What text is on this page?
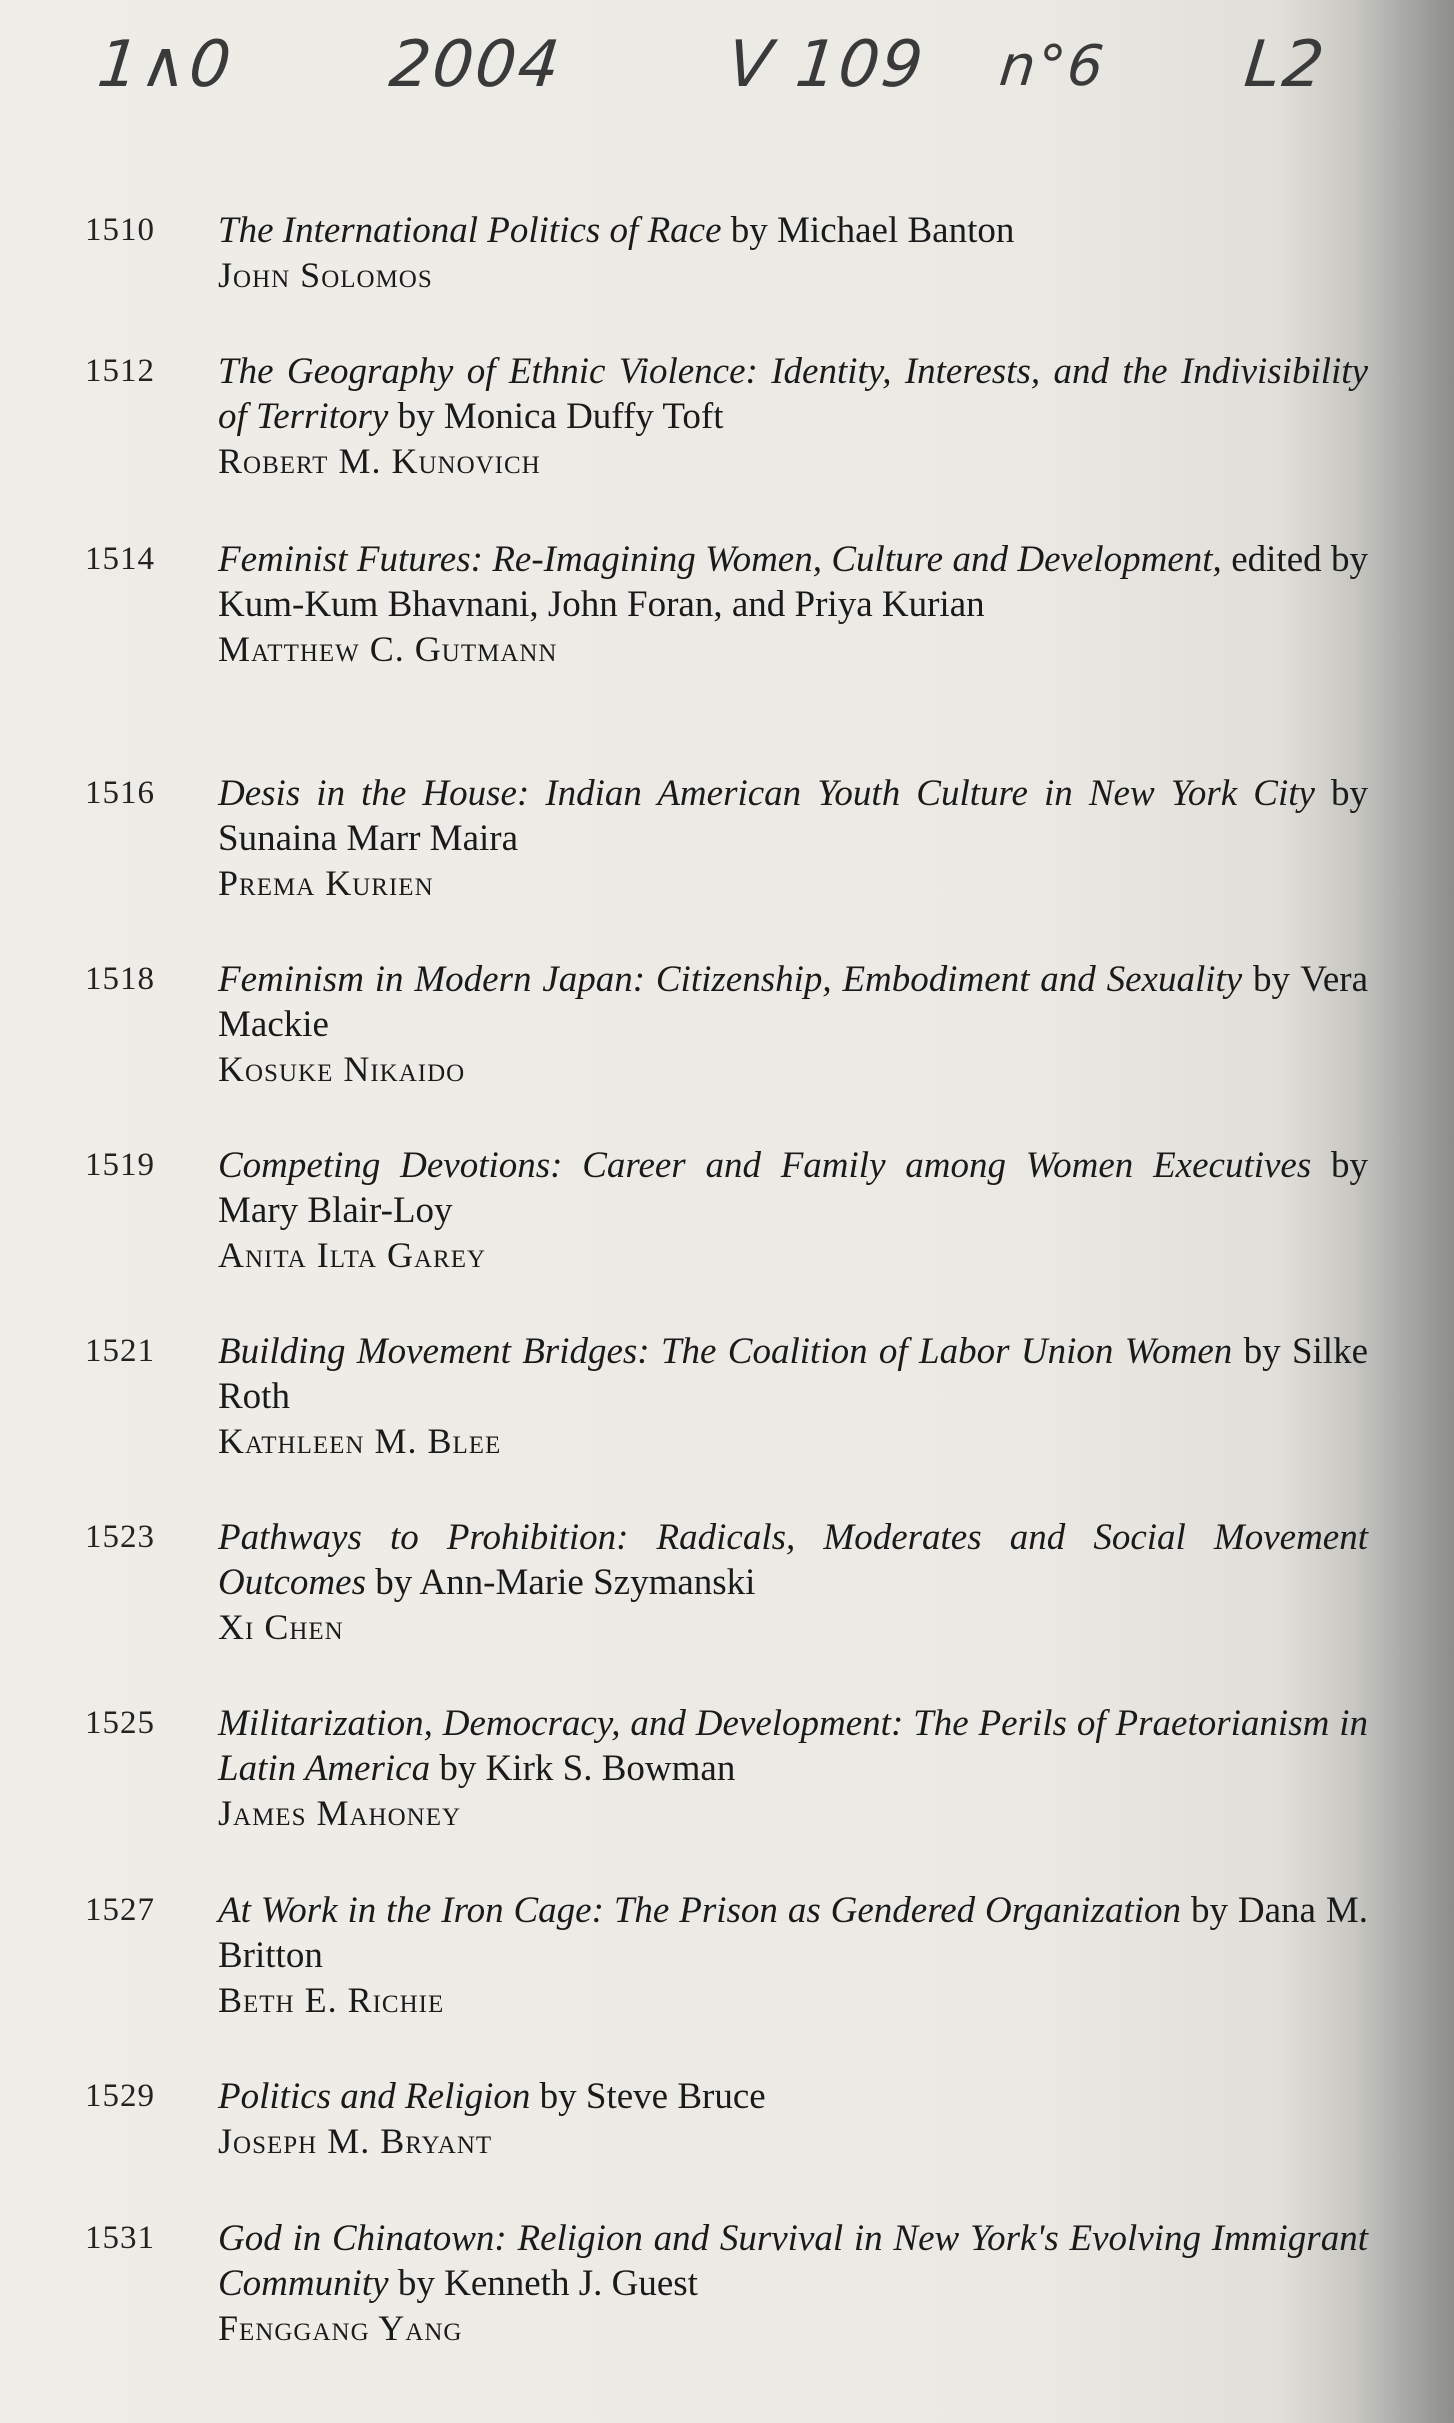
1∧0 2004 V 109 n°6 L2
1510 The International Politics of Race by Michael Banton
John Solomos
1512 The Geography of Ethnic Violence: Identity, Interests, and the Indivisibility of Territory by Monica Duffy Toft
Robert M. Kunovich
1514 Feminist Futures: Re-Imagining Women, Culture and Development, edited by Kum-Kum Bhavnani, John Foran, and Priya Kurian
Matthew C. Gutmann
1516 Desis in the House: Indian American Youth Culture in New York City by Sunaina Marr Maira
Prema Kurien
1518 Feminism in Modern Japan: Citizenship, Embodiment and Sexuality by Vera Mackie
Kosuke Nikaido
1519 Competing Devotions: Career and Family among Women Executives by Mary Blair-Loy
Anita Ilta Garey
1521 Building Movement Bridges: The Coalition of Labor Union Women by Silke Roth
Kathleen M. Blee
1523 Pathways to Prohibition: Radicals, Moderates and Social Movement Outcomes by Ann-Marie Szymanski
Xi Chen
1525 Militarization, Democracy, and Development: The Perils of Praetorianism in Latin America by Kirk S. Bowman
James Mahoney
1527 At Work in the Iron Cage: The Prison as Gendered Organization by Dana M. Britton
Beth E. Richie
1529 Politics and Religion by Steve Bruce
Joseph M. Bryant
1531 God in Chinatown: Religion and Survival in New York's Evolving Immigrant Community by Kenneth J. Guest
Fenggang Yang
